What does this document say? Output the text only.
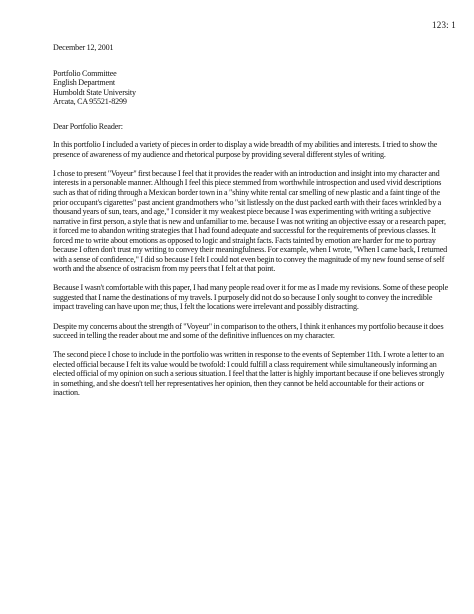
123: 1
December 12, 2001
Portfolio Committee
English Department
Humboldt State University
Arcata, CA 95521-8299
Dear Portfolio Reader:

In this portfolio I included a variety of pieces in order to display a wide breadth of my abilities and interests. I tried to show the presence of awareness of my audience and rhetorical purpose by providing several different styles of writing.

I chose to present "Voyeur" first because I feel that it provides the reader with an introduction and insight into my character and interests in a personable manner. Although I feel this piece stemmed from worthwhile introspection and used vivid descriptions such as that of riding through a Mexican border town in a "shiny white rental car smelling of new plastic and a faint tinge of the prior occupant's cigarettes" past ancient grandmothers who "sit listlessly on the dust packed earth with their faces wrinkled by a thousand years of sun, tears, and age," I consider it my weakest piece because I was experimenting with writing a subjective narrative in first person, a style that is new and unfamiliar to me. because I was not writing an objective essay or a research paper, it forced me to abandon writing strategies that I had found adequate and successful for the requirements of previous classes. It forced me to write about emotions as opposed to logic and straight facts. Facts tainted by emotion are harder for me to portray because I often don't trust my writing to convey their meaningfulness. For example, when I wrote, "When I came back, I returned with a sense of confidence," I did so because I felt I could not even begin to convey the magnitude of my new found sense of self worth and the absence of ostracism from my peers that I felt at that point.

Because I wasn't comfortable with this paper, I had many people read over it for me as I made my revisions. Some of these people suggested that I name the destinations of my travels. I purposely did not do so because I only sought to convey the incredible impact traveling can have upon me; thus, I felt the locations were irrelevant and possibly distracting.

Despite my concerns about the strength of "Voyeur" in comparison to the others, I think it enhances my portfolio because it does succeed in telling the reader about me and some of the definitive influences on my character.

The second piece I chose to include in the portfolio was written in response to the events of September 11th. I wrote a letter to an elected official because I felt its value would be twofold: I could fulfill a class requirement while simultaneously informing an elected official of my opinion on such a serious situation. I feel that the latter is highly important because if one believes strongly in something, and she doesn't tell her representatives her opinion, then they cannot be held accountable for their actions or inaction.
